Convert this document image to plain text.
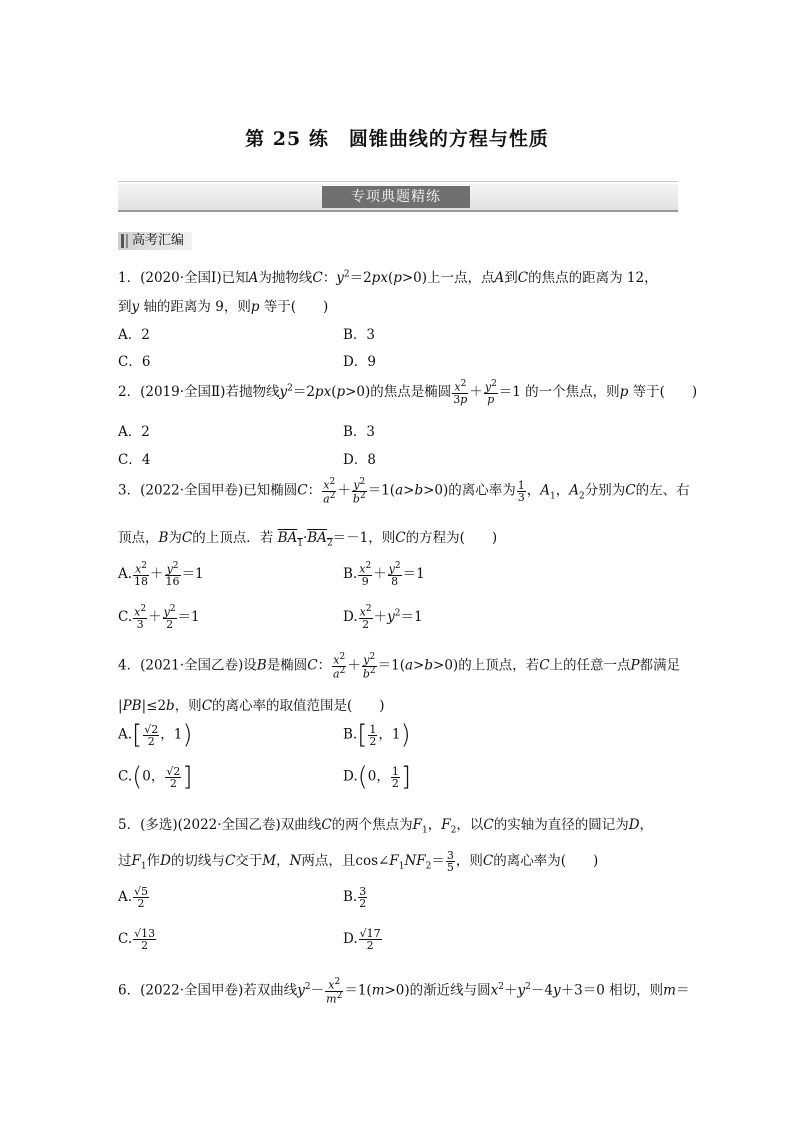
第 25 练　圆锥曲线的方程与性质
专项典题精练
高考汇编
1．(2020·全国Ⅰ)已知A为抛物线C：$y^2=2px(p>0)$上一点，点A到C的焦点的距离为 12，
到y 轴的距离为 9，则p 等于(　　)
A．2	B．3
C．6	D．9
2．(2019·全国Ⅱ)若抛物线$y^2=2px(p>0)$的焦点是椭圆 $\frac{x^2}{3p} + \frac{y^2}{p} =1$ 的一个焦点，则p 等于(　　)
A．2	B．3
C．4	D．8
3．(2022·全国甲卷)已知椭圆C： $\frac{x^2}{a^2} + \frac{y^2}{b^2} =1(a>b>0)$的离心率为 $\frac{1}{3}$ ，$A_1$，$A_2$分别为C的左、右
顶点，B为C的上顶点．若 $BA_1\cdot BA_2=-1$，则C的方程为(　　)
A. $\frac{x^2}{18} + \frac{y^2}{16} =1$	B. $\frac{x^2}{9} + \frac{y^2}{8} =1$
C. $\frac{x^2}{3} + \frac{y^2}{2} =1$	D. $\frac{x^2}{2} +y^2=1$
4．(2021·全国乙卷)设B是椭圆C： $\frac{x^2}{a^2} + \frac{y^2}{b^2} =1(a>b>0)$的上顶点，若C上的任意一点P都满足
|PB|≤2b，则C的离心率的取值范围是(　　)
$A.[ \frac{√2}{2}$ ，1)	$B.[ \frac{1}{2}$ ，1)
C.(0， $\frac{√2}{2}$ ]	D.(0， $\frac{1}{2}$ ]
5．(多选)(2022·全国乙卷)双曲线C的两个焦点为$F_1$，$F_2$，以C的实轴为直径的圆记为D，
过$F_1$作D的切线与C交于M，N两点，且$\cos\angle F_1NF_2= \frac{3}{5}$ ，则C的离心率为(　　)
A. $\frac{√5}{2}$	B. $\frac{3}{2}$
C. $\frac{√13}{2}$	D. $\frac{√17}{2}$
6．(2022·全国甲卷)若双曲线$y^2- \frac{x^2}{m^2} =1(m>0)$的渐近线与圆$x^2+y^2-4y+3=0$ 相切，则m＝
